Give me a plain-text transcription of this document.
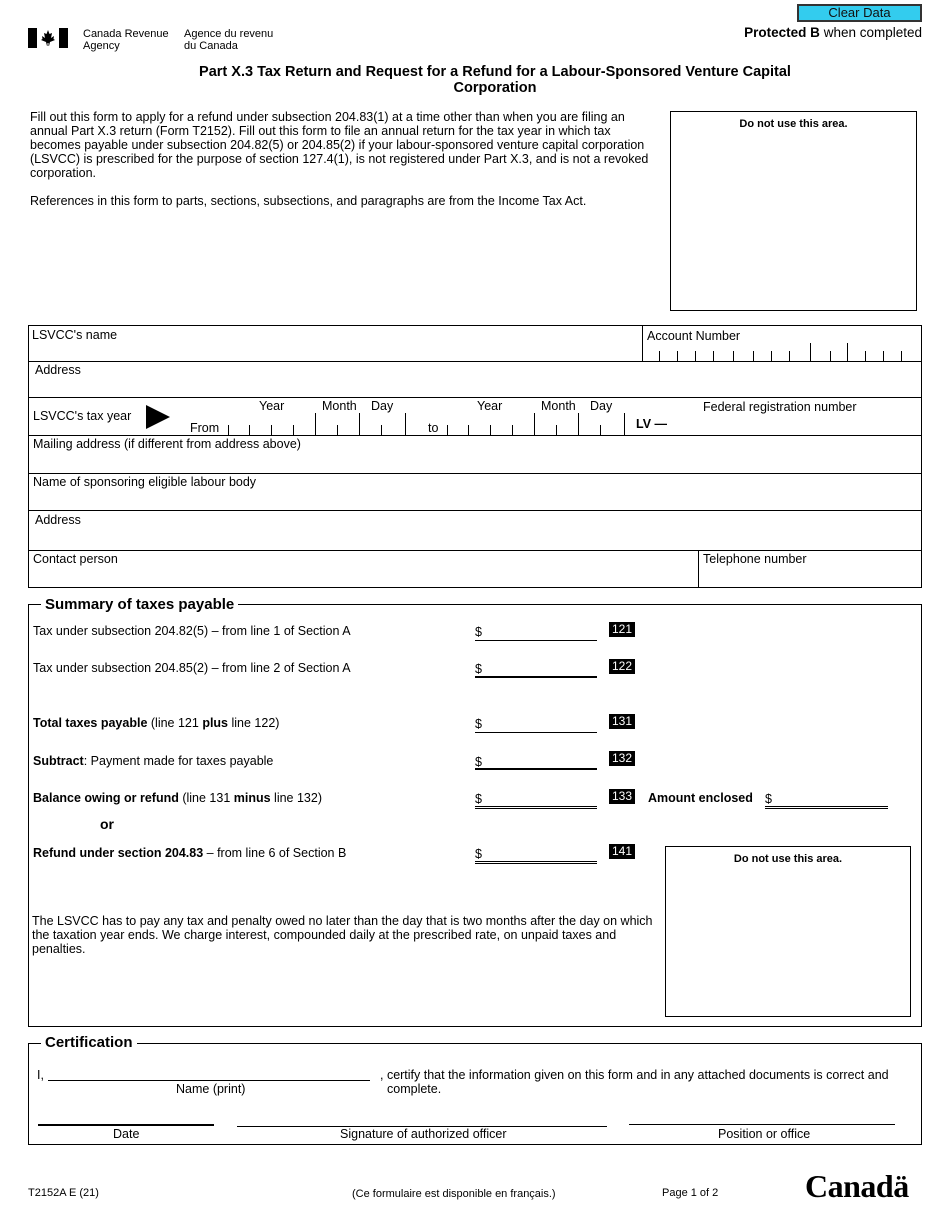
Clear Data
Protected B when completed
Canada Revenue
Agency
Agence du revenu
du Canada
Part X.3 Tax Return and Request for a Refund for a Labour-Sponsored Venture Capital
Corporation

Fill out this form to apply for a refund under subsection 204.83(1) at a time other than when you are filing an annual Part X.3 return (Form T2152). Fill out this form to file an annual return for the tax year in which tax becomes payable under subsection 204.82(5) or 204.85(2) if your labour-sponsored venture capital corporation (LSVCC) is prescribed for the purpose of section 127.4(1), is not registered under Part X.3, and is not a revoked corporation.

References in this form to parts, sections, subsections, and paragraphs are from the Income Tax Act.

Do not use this area.
LSVCC's name	Account Number
Address
LSVCC's tax year
From
Year	Month Day
to
Year	Month Day
LV —
Federal registration number
Mailing address (if different from address above)
Name of sponsoring eligible labour body
Address
Contact person	Telephone number
Summary of taxes payable
Tax under subsection 204.82(5) – from line 1 of Section A	$	121
Tax under subsection 204.85(2) – from line 2 of Section A	$	122
Total taxes payable (line 121 plus line 122)	$	131
Subtract: Payment made for taxes payable	$	132
Balance owing or refund (line 131 minus line 132)	$	133 Amount enclosed $
or
Refund under section 204.83 – from line 6 of Section B	$	141
Do not use this area.
The LSVCC has to pay any tax and penalty owed no later than the day that is two months after the day on which the taxation year ends. We charge interest, compounded daily at the prescribed rate, on unpaid taxes and penalties.
Certification
I,
Name (print)
, certify that the information given on this form and in any attached documents is correct and
complete.
Date	Signature of authorized officer	Position or office
T2152A E (21)	(Ce formulaire est disponible en français.)	Page 1 of 2	Canadä
